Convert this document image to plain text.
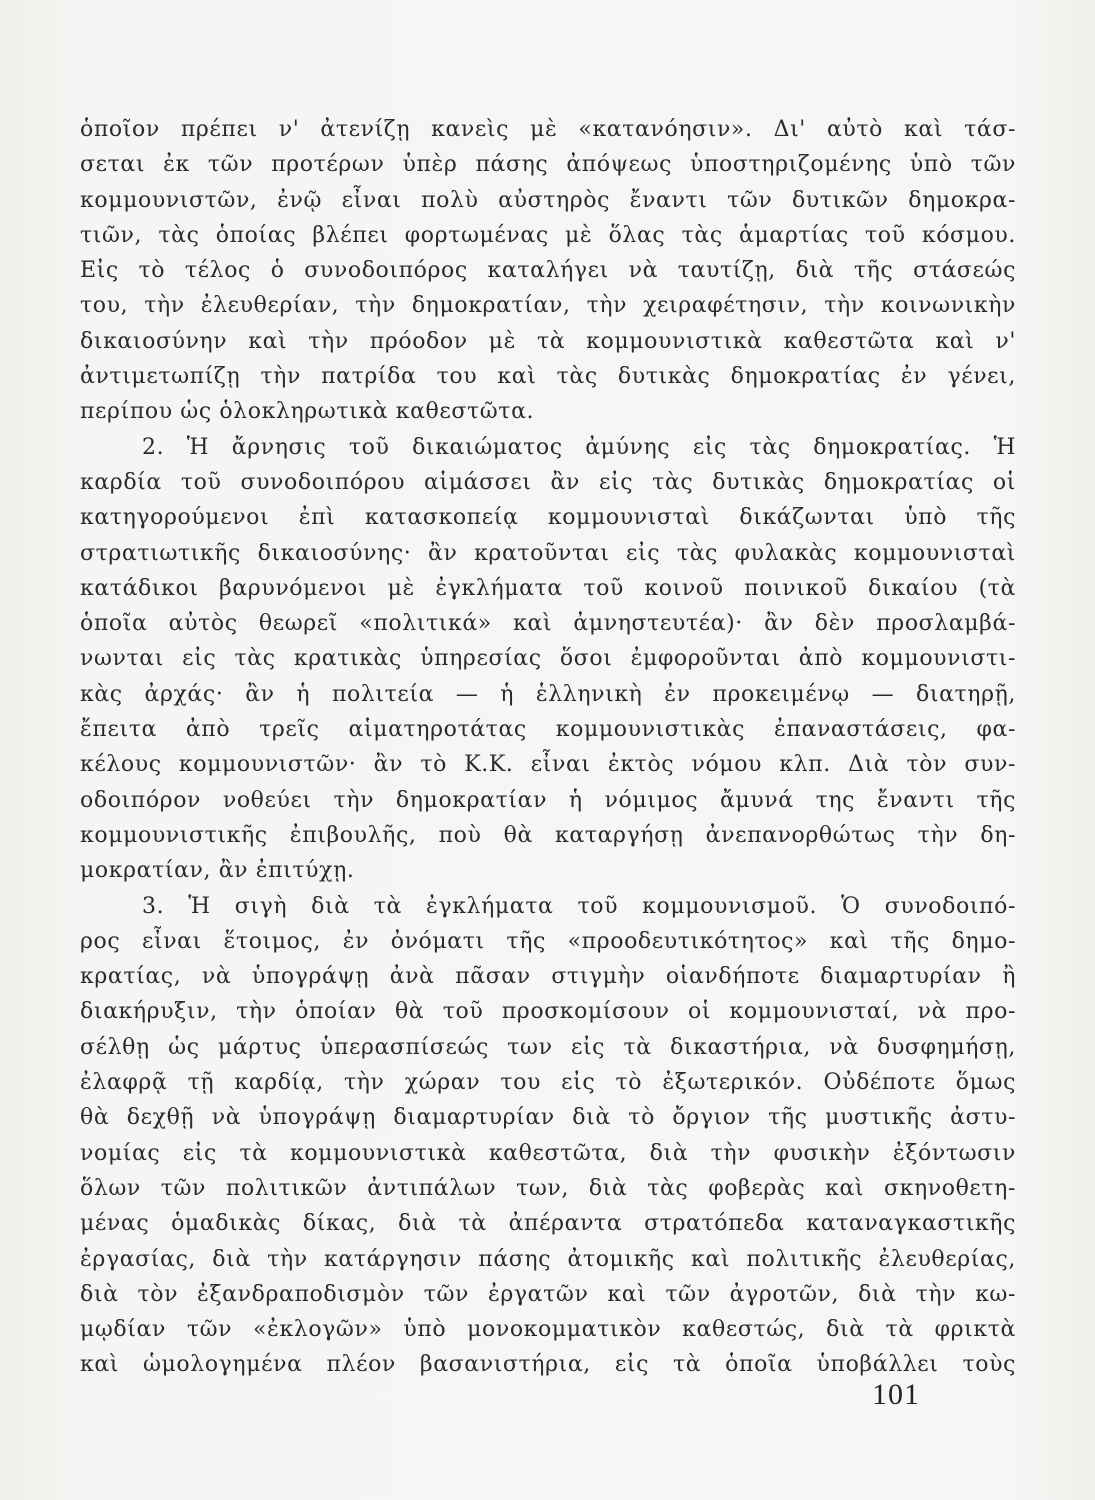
ὁποῖον πρέπει ν' ἀτενίζῃ κανεὶς μὲ «κατανόησιν». Δι' αὐτὸ καὶ τάσ-
σεται ἐκ τῶν προτέρων ὑπὲρ πάσης ἀπόψεως ὑποστηριζομένης ὑπὸ τῶν
κομμουνιστῶν, ἐνῷ εἶναι πολὺ αὐστηρὸς ἔναντι τῶν δυτικῶν δημοκρα-
τιῶν, τὰς ὁποίας βλέπει φορτωμένας μὲ ὅλας τὰς ἁμαρτίας τοῦ κόσμου.
Εἰς τὸ τέλος ὁ συνοδοιπόρος καταλήγει νὰ ταυτίζῃ, διὰ τῆς στάσεώς
του, τὴν ἐλευθερίαν, τὴν δημοκρατίαν, τὴν χειραφέτησιν, τὴν κοινωνικὴν
δικαιοσύνην καὶ τὴν πρόοδον μὲ τὰ κομμουνιστικὰ καθεστῶτα καὶ ν'
ἀντιμετωπίζῃ τὴν πατρίδα του καὶ τὰς δυτικὰς δημοκρατίας ἐν γένει,
περίπου ὡς ὁλοκληρωτικὰ καθεστῶτα.
2. Ἡ ἄρνησις τοῦ δικαιώματος ἀμύνης εἰς τὰς δημοκρατίας. Ἡ
καρδία τοῦ συνοδοιπόρου αἱμάσσει ἂν εἰς τὰς δυτικὰς δημοκρατίας οἱ
κατηγορούμενοι ἐπὶ κατασκοπείᾳ κομμουνισταὶ δικάζωνται ὑπὸ τῆς
στρατιωτικῆς δικαιοσύνης· ἂν κρατοῦνται εἰς τὰς φυλακὰς κομμουνισταὶ
κατάδικοι βαρυνόμενοι μὲ ἐγκλήματα τοῦ κοινοῦ ποινικοῦ δικαίου (τὰ
ὁποῖα αὐτὸς θεωρεῖ «πολιτικά» καὶ ἀμνηστευτέα)· ἂν δὲν προσλαμβά-
νωνται εἰς τὰς κρατικὰς ὑπηρεσίας ὅσοι ἐμφοροῦνται ἀπὸ κομμουνιστι-
κὰς ἀρχάς· ἂν ἡ πολιτεία — ἡ ἑλληνικὴ ἐν προκειμένῳ — διατηρῇ,
ἔπειτα ἀπὸ τρεῖς αἱματηροτάτας κομμουνιστικὰς ἐπαναστάσεις, φα-
κέλους κομμουνιστῶν· ἂν τὸ Κ.Κ. εἶναι ἐκτὸς νόμου κλπ. Διὰ τὸν συν-
οδοιπόρον νοθεύει τὴν δημοκρατίαν ἡ νόμιμος ἄμυνά της ἔναντι τῆς
κομμουνιστικῆς ἐπιβουλῆς, ποὺ θὰ καταργήσῃ ἀνεπανορθώτως τὴν δη-
μοκρατίαν, ἂν ἐπιτύχῃ.
3. Ἡ σιγὴ διὰ τὰ ἐγκλήματα τοῦ κομμουνισμοῦ. Ὁ συνοδοιπό-
ρος εἶναι ἕτοιμος, ἐν ὀνόματι τῆς «προοδευτικότητος» καὶ τῆς δημο-
κρατίας, νὰ ὑπογράψῃ ἀνὰ πᾶσαν στιγμὴν οἱανδήποτε διαμαρτυρίαν ἢ
διακήρυξιν, τὴν ὁποίαν θὰ τοῦ προσκομίσουν οἱ κομμουνισταί, νὰ προ-
σέλθῃ ὡς μάρτυς ὑπερασπίσεώς των εἰς τὰ δικαστήρια, νὰ δυσφημήσῃ,
ἐλαφρᾷ τῇ καρδίᾳ, τὴν χώραν του εἰς τὸ ἐξωτερικόν. Οὐδέποτε ὅμως
θὰ δεχθῇ νὰ ὑπογράψῃ διαμαρτυρίαν διὰ τὸ ὄργιον τῆς μυστικῆς ἀστυ-
νομίας εἰς τὰ κομμουνιστικὰ καθεστῶτα, διὰ τὴν φυσικὴν ἐξόντωσιν
ὅλων τῶν πολιτικῶν ἀντιπάλων των, διὰ τὰς φοβερὰς καὶ σκηνοθετη-
μένας ὁμαδικὰς δίκας, διὰ τὰ ἀπέραντα στρατόπεδα καταναγκαστικῆς
ἐργασίας, διὰ τὴν κατάργησιν πάσης ἀτομικῆς καὶ πολιτικῆς ἐλευθερίας,
διὰ τὸν ἐξανδραποδισμὸν τῶν ἐργατῶν καὶ τῶν ἀγροτῶν, διὰ τὴν κω-
μῳδίαν τῶν «ἐκλογῶν» ὑπὸ μονοκομματικὸν καθεστώς, διὰ τὰ φρικτὰ
καὶ ὡμολογημένα πλέον βασανιστήρια, εἰς τὰ ὁποῖα ὑποβάλλει τοὺς
101
